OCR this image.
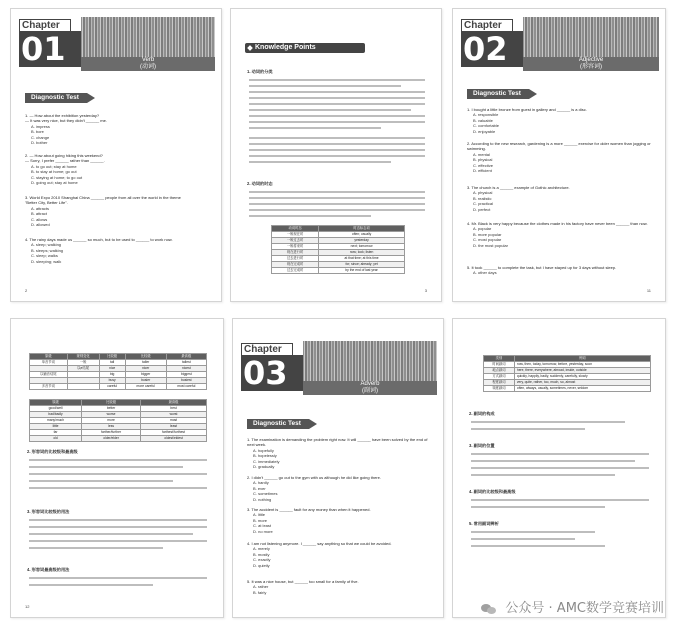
Chapter
01	Verb
(动词)
Diagnostic Test
1. — How about the exhibition yesterday?
— It was very nice, but they didn't ______ me.
A. impress
B. bore
C. change
D. bother
2. — How about going hiking this weekend?
— Sorry, I prefer ______ rather than ______.
A. to go out; stay at home
B. to stay at home; go out
C. staying at home; to go out
D. going out; stay at home
3. World Expo 2010 Shanghai China ______ people from all over the world in the theme
"Better City, Better Life".
A. attracts
B. attract
C. allows
D. allowed
4. The rainy days made us ______ so much, but to be used to ______ to work now.
A. sleep; walking
B. sleeps; walking
C. sleep; walks
D. sleeping; walk
2
Knowledge Points
1. 动词的分类
2. 动词的时态
动词时态	时态标志词
一般现在时	often; usually
一般过去时	yesterday
一般将来时	next; tomorrow
现在进行时	now; look; listen
过去进行时	at that time; at this time
现在完成时	for; since; already; yet
过去完成时	by the end of last year
3
Chapter
02	Adjective
(形容词)
Diagnostic Test
1. I bought a little bronze from guest in gallery and ______ is a disc.
A. responsible
B. valuable
C. comfortable
D. enjoyable
2. According to the new research, gardening is a more ______ exercise for older women than jogging or swimming.
A. mental
B. physical
C. effective
D. efficient
3. The church is a ______ example of Gothic architecture.
A. physical
B. realistic
C. practical
D. perfect
4. Mr. Black is very happy because the clothes made in his factory have never been ______ than now.
A. popular
B. more popular
C. most popular
D. the most popular
5. It took ______ to complete the task, but I have stayed up for 3 days without sleep.
A. other days
11
原级	规则变化	比较级	比较级	最高级
单音节词	一般	tall	taller	tallest
	以e结尾	nice	nicer	nicest
以辅音结尾		big	bigger	biggest
		busy	busier	busiest
多音节词		careful	more careful	most careful
原级	比较级	最高级
good/well	better	best
bad/badly	worse	worst
many/much	more	most
little	less	least
far	farther/further	farthest/furthest
old	older/elder	oldest/eldest
2. 形容词的比较级和最高级
3. 形容词比较级的用法
4. 形容词最高级的用法
12
Chapter
03	Adverb
(副词)
Diagnostic Test
1. The examination is demanding the problem right now. It will ______ have been solved by the end of next week.
A. hopefully
B. hopelessly
C. immediately
D. gradually
2. I didn't ______ go out to the gym with us although he did like going there.
A. hardly
B. ever
C. sometimes
D. nothing
3. The accident is ______ fault for any money than when it happened.
A. little
B. more
C. at least
D. no more
4. I am not listening anymore. I ______ say anything so that we could be avoided.
A. merely
B. mostly
C. exactly
D. quietly
5. It was a nice house, but ______ too small for a family of five.
A. rather
B. fairly
类别	例词
时间副词	now, then, today, tomorrow, before, yesterday, soon
地点副词	here, there, everywhere, abroad, inside, outside
方式副词	quickly, happily, badly, suddenly, carefully, slowly
程度副词	very, quite, rather, too, much, so, almost
频度副词	often, always, usually, sometimes, never, seldom
2. 副词的构成
3. 副词的位置
4. 副词的比较级和最高级
5. 常用副词辨析
公众号 · AMC数学竞赛培训
